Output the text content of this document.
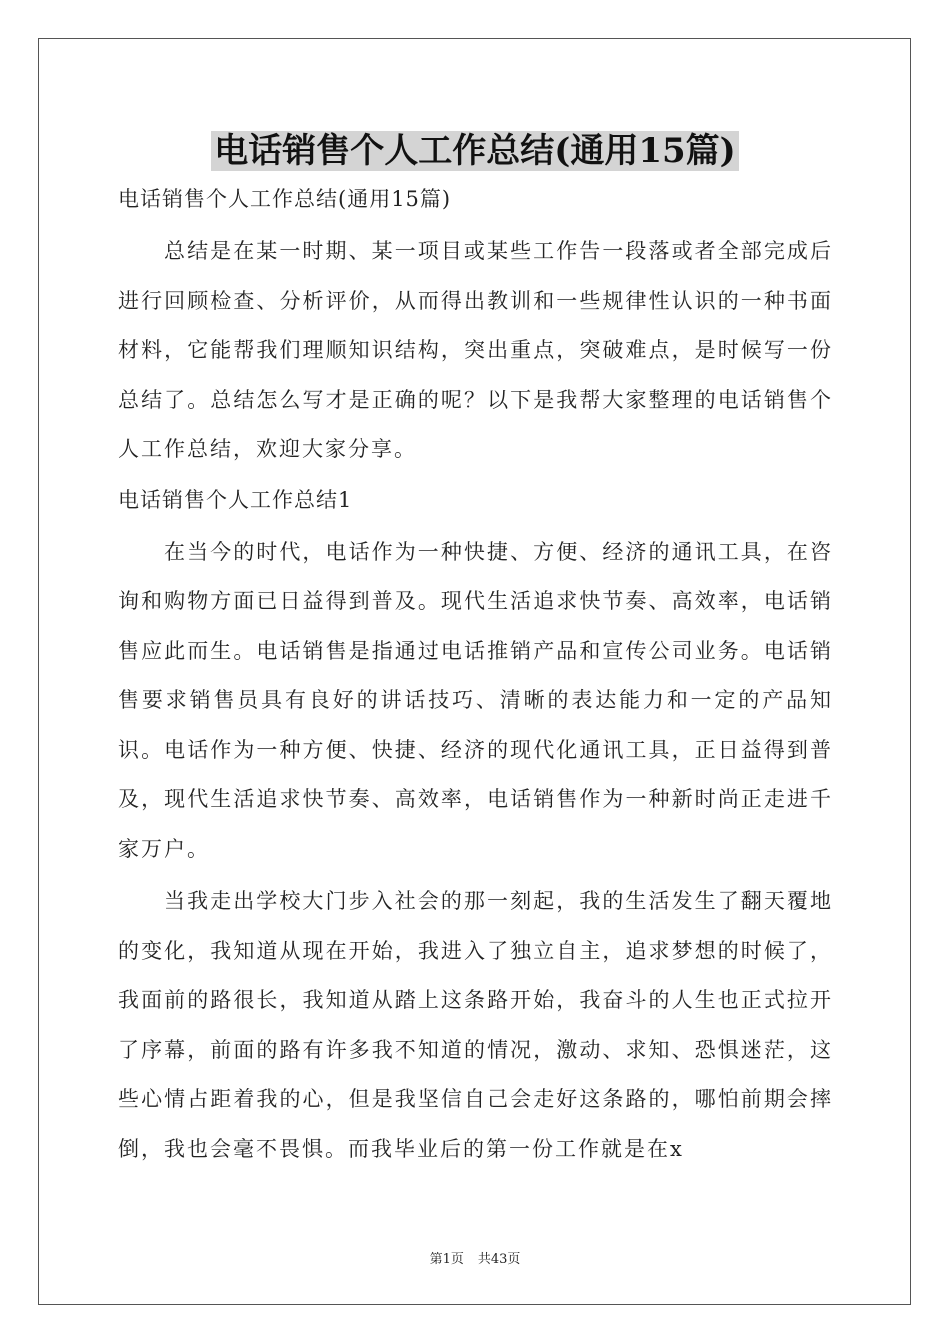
电话销售个人工作总结(通用15篇)

电话销售个人工作总结(通用15篇)

总结是在某一时期、某一项目或某些工作告一段落或者全部完成后进行回顾检查、分析评价，从而得出教训和一些规律性认识的一种书面材料，它能帮我们理顺知识结构，突出重点，突破难点，是时候写一份总结了。总结怎么写才是正确的呢？以下是我帮大家整理的电话销售个人工作总结，欢迎大家分享。

电话销售个人工作总结1

在当今的时代，电话作为一种快捷、方便、经济的通讯工具，在咨询和购物方面已日益得到普及。现代生活追求快节奏、高效率，电话销售应此而生。电话销售是指通过电话推销产品和宣传公司业务。电话销售要求销售员具有良好的讲话技巧、清晰的表达能力和一定的产品知识。电话作为一种方便、快捷、经济的现代化通讯工具，正日益得到普及，现代生活追求快节奏、高效率，电话销售作为一种新时尚正走进千家万户。

当我走出学校大门步入社会的那一刻起，我的生活发生了翻天覆地的变化，我知道从现在开始，我进入了独立自主，追求梦想的时候了，我面前的路很长，我知道从踏上这条路开始，我奋斗的人生也正式拉开了序幕，前面的路有许多我不知道的情况，激动、求知、恐惧迷茫，这些心情占距着我的心，但是我坚信自己会走好这条路的，哪怕前期会摔倒，我也会毫不畏惧。而我毕业后的第一份工作就是在x

第1页 共43页
